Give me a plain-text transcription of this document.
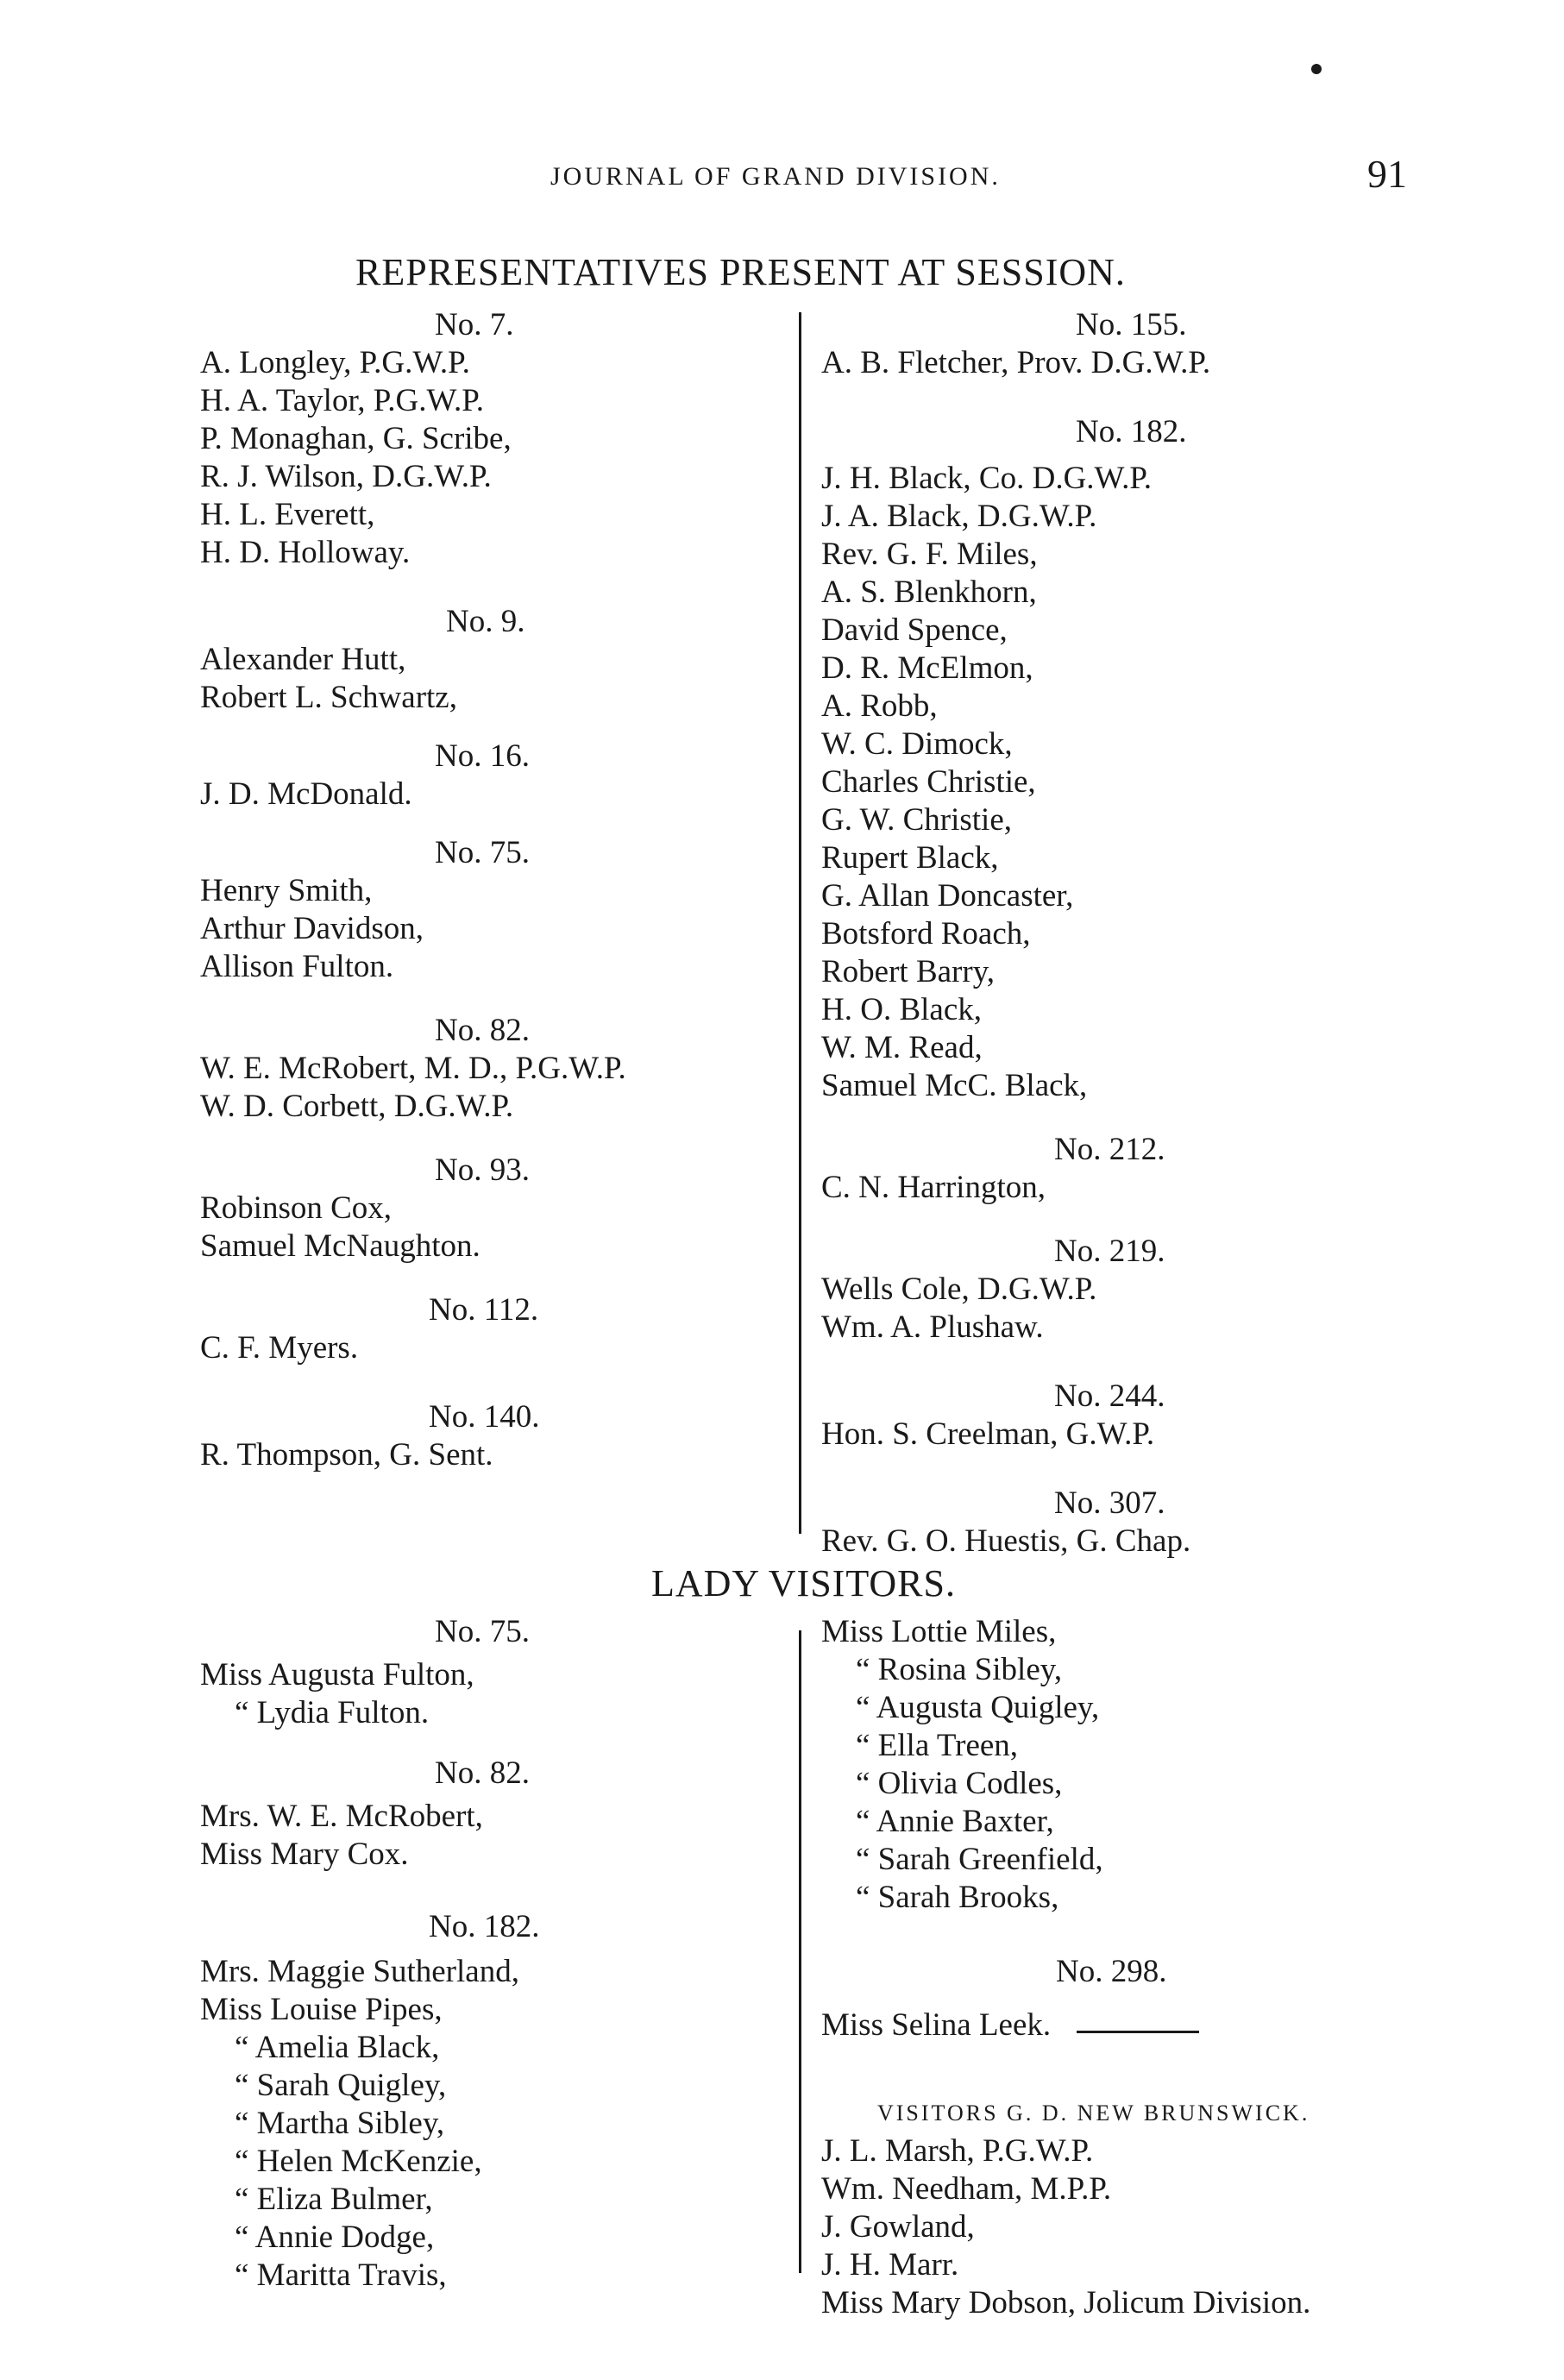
JOURNAL OF GRAND DIVISION.	91
REPRESENTATIVES PRESENT AT SESSION.
No. 7.
A. Longley, P.G.W.P.
H. A. Taylor, P.G.W.P.
P. Monaghan, G. Scribe,
R. J. Wilson, D.G.W.P.
H. L. Everett,
H. D. Holloway.
No. 9.
Alexander Hutt,
Robert L. Schwartz,
No. 16.
J. D. McDonald.
No. 75.
Henry Smith,
Arthur Davidson,
Allison Fulton.
No. 82.
W. E. McRobert, M. D., P.G.W.P.
W. D. Corbett, D.G.W.P.
No. 93.
Robinson Cox,
Samuel McNaughton.
No. 112.
C. F. Myers.
No. 140.
R. Thompson, G. Sent.
No. 155.
A. B. Fletcher, Prov. D.G.W.P.
No. 182.
J. H. Black, Co. D.G.W.P.
J. A. Black, D.G.W.P.
Rev. G. F. Miles,
A. S. Blenkhorn,
David Spence,
D. R. McElmon,
A. Robb,
W. C. Dimock,
Charles Christie,
G. W. Christie,
Rupert Black,
G. Allan Doncaster,
Botsford Roach,
Robert Barry,
H. O. Black,
W. M. Read,
Samuel McC. Black,
No. 212.
C. N. Harrington,
No. 219.
Wells Cole, D.G.W.P.
Wm. A. Plushaw.
No. 244.
Hon. S. Creelman, G.W.P.
No. 307.
Rev. G. O. Huestis, G. Chap.
LADY VISITORS.
No. 75.
Miss Augusta Fulton,
“ Lydia Fulton.
No. 82.
Mrs. W. E. McRobert,
Miss Mary Cox.
No. 182.
Mrs. Maggie Sutherland,
Miss Louise Pipes,
“ Amelia Black,
“ Sarah Quigley,
“ Martha Sibley,
“ Helen McKenzie,
“ Eliza Bulmer,
“ Annie Dodge,
“ Maritta Travis,
Miss Lottie Miles,
“ Rosina Sibley,
“ Augusta Quigley,
“ Ella Treen,
“ Olivia Codles,
“ Annie Baxter,
“ Sarah Greenfield,
“ Sarah Brooks,
No. 298.
Miss Selina Leek.
VISITORS G. D. NEW BRUNSWICK.
J. L. Marsh, P.G.W.P.
Wm. Needham, M.P.P.
J. Gowland,
J. H. Marr.
Miss Mary Dobson, Jolicum Division.
